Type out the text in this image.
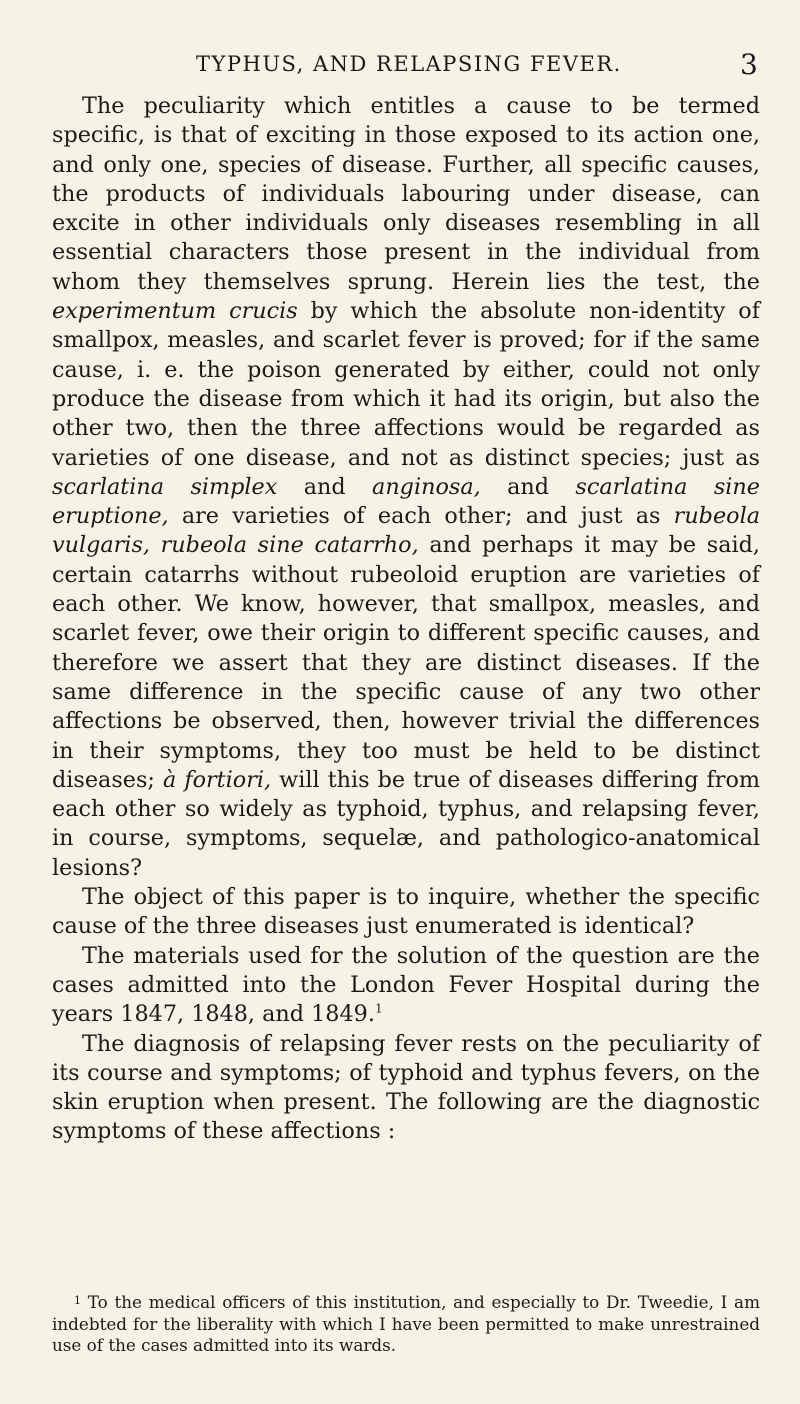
TYPHUS, AND RELAPSING FEVER.	3

The peculiarity which entitles a cause to be termed specific, is that of exciting in those exposed to its action one, and only one, species of disease. Further, all specific causes, the products of individuals labouring under disease, can excite in other individuals only diseases resembling in all essential characters those present in the individual from whom they themselves sprung. Herein lies the test, the experimentum crucis by which the absolute non-identity of smallpox, measles, and scarlet fever is proved; for if the same cause, i. e. the poison generated by either, could not only produce the disease from which it had its origin, but also the other two, then the three affections would be regarded as varieties of one disease, and not as distinct species; just as scarlatina simplex and anginosa, and scarlatina sine eruptione, are varieties of each other; and just as rubeola vulgaris, rubeola sine catarrho, and perhaps it may be said, certain catarrhs without rubeoloid eruption are varieties of each other. We know, however, that smallpox, measles, and scarlet fever, owe their origin to different specific causes, and therefore we assert that they are distinct diseases. If the same difference in the specific cause of any two other affections be observed, then, however trivial the differences in their symptoms, they too must be held to be distinct diseases; à fortiori, will this be true of diseases differing from each other so widely as typhoid, typhus, and relapsing fever, in course, symptoms, sequelæ, and pathologico-anatomical lesions?

The object of this paper is to inquire, whether the specific cause of the three diseases just enumerated is identical?

The materials used for the solution of the question are the cases admitted into the London Fever Hospital during the years 1847, 1848, and 1849.$^1$

The diagnosis of relapsing fever rests on the peculiarity of its course and symptoms; of typhoid and typhus fevers, on the skin eruption when present. The following are the diagnostic symptoms of these affections :

$^1$ To the medical officers of this institution, and especially to Dr. Tweedie, I am indebted for the liberality with which I have been permitted to make unrestrained use of the cases admitted into its wards.
